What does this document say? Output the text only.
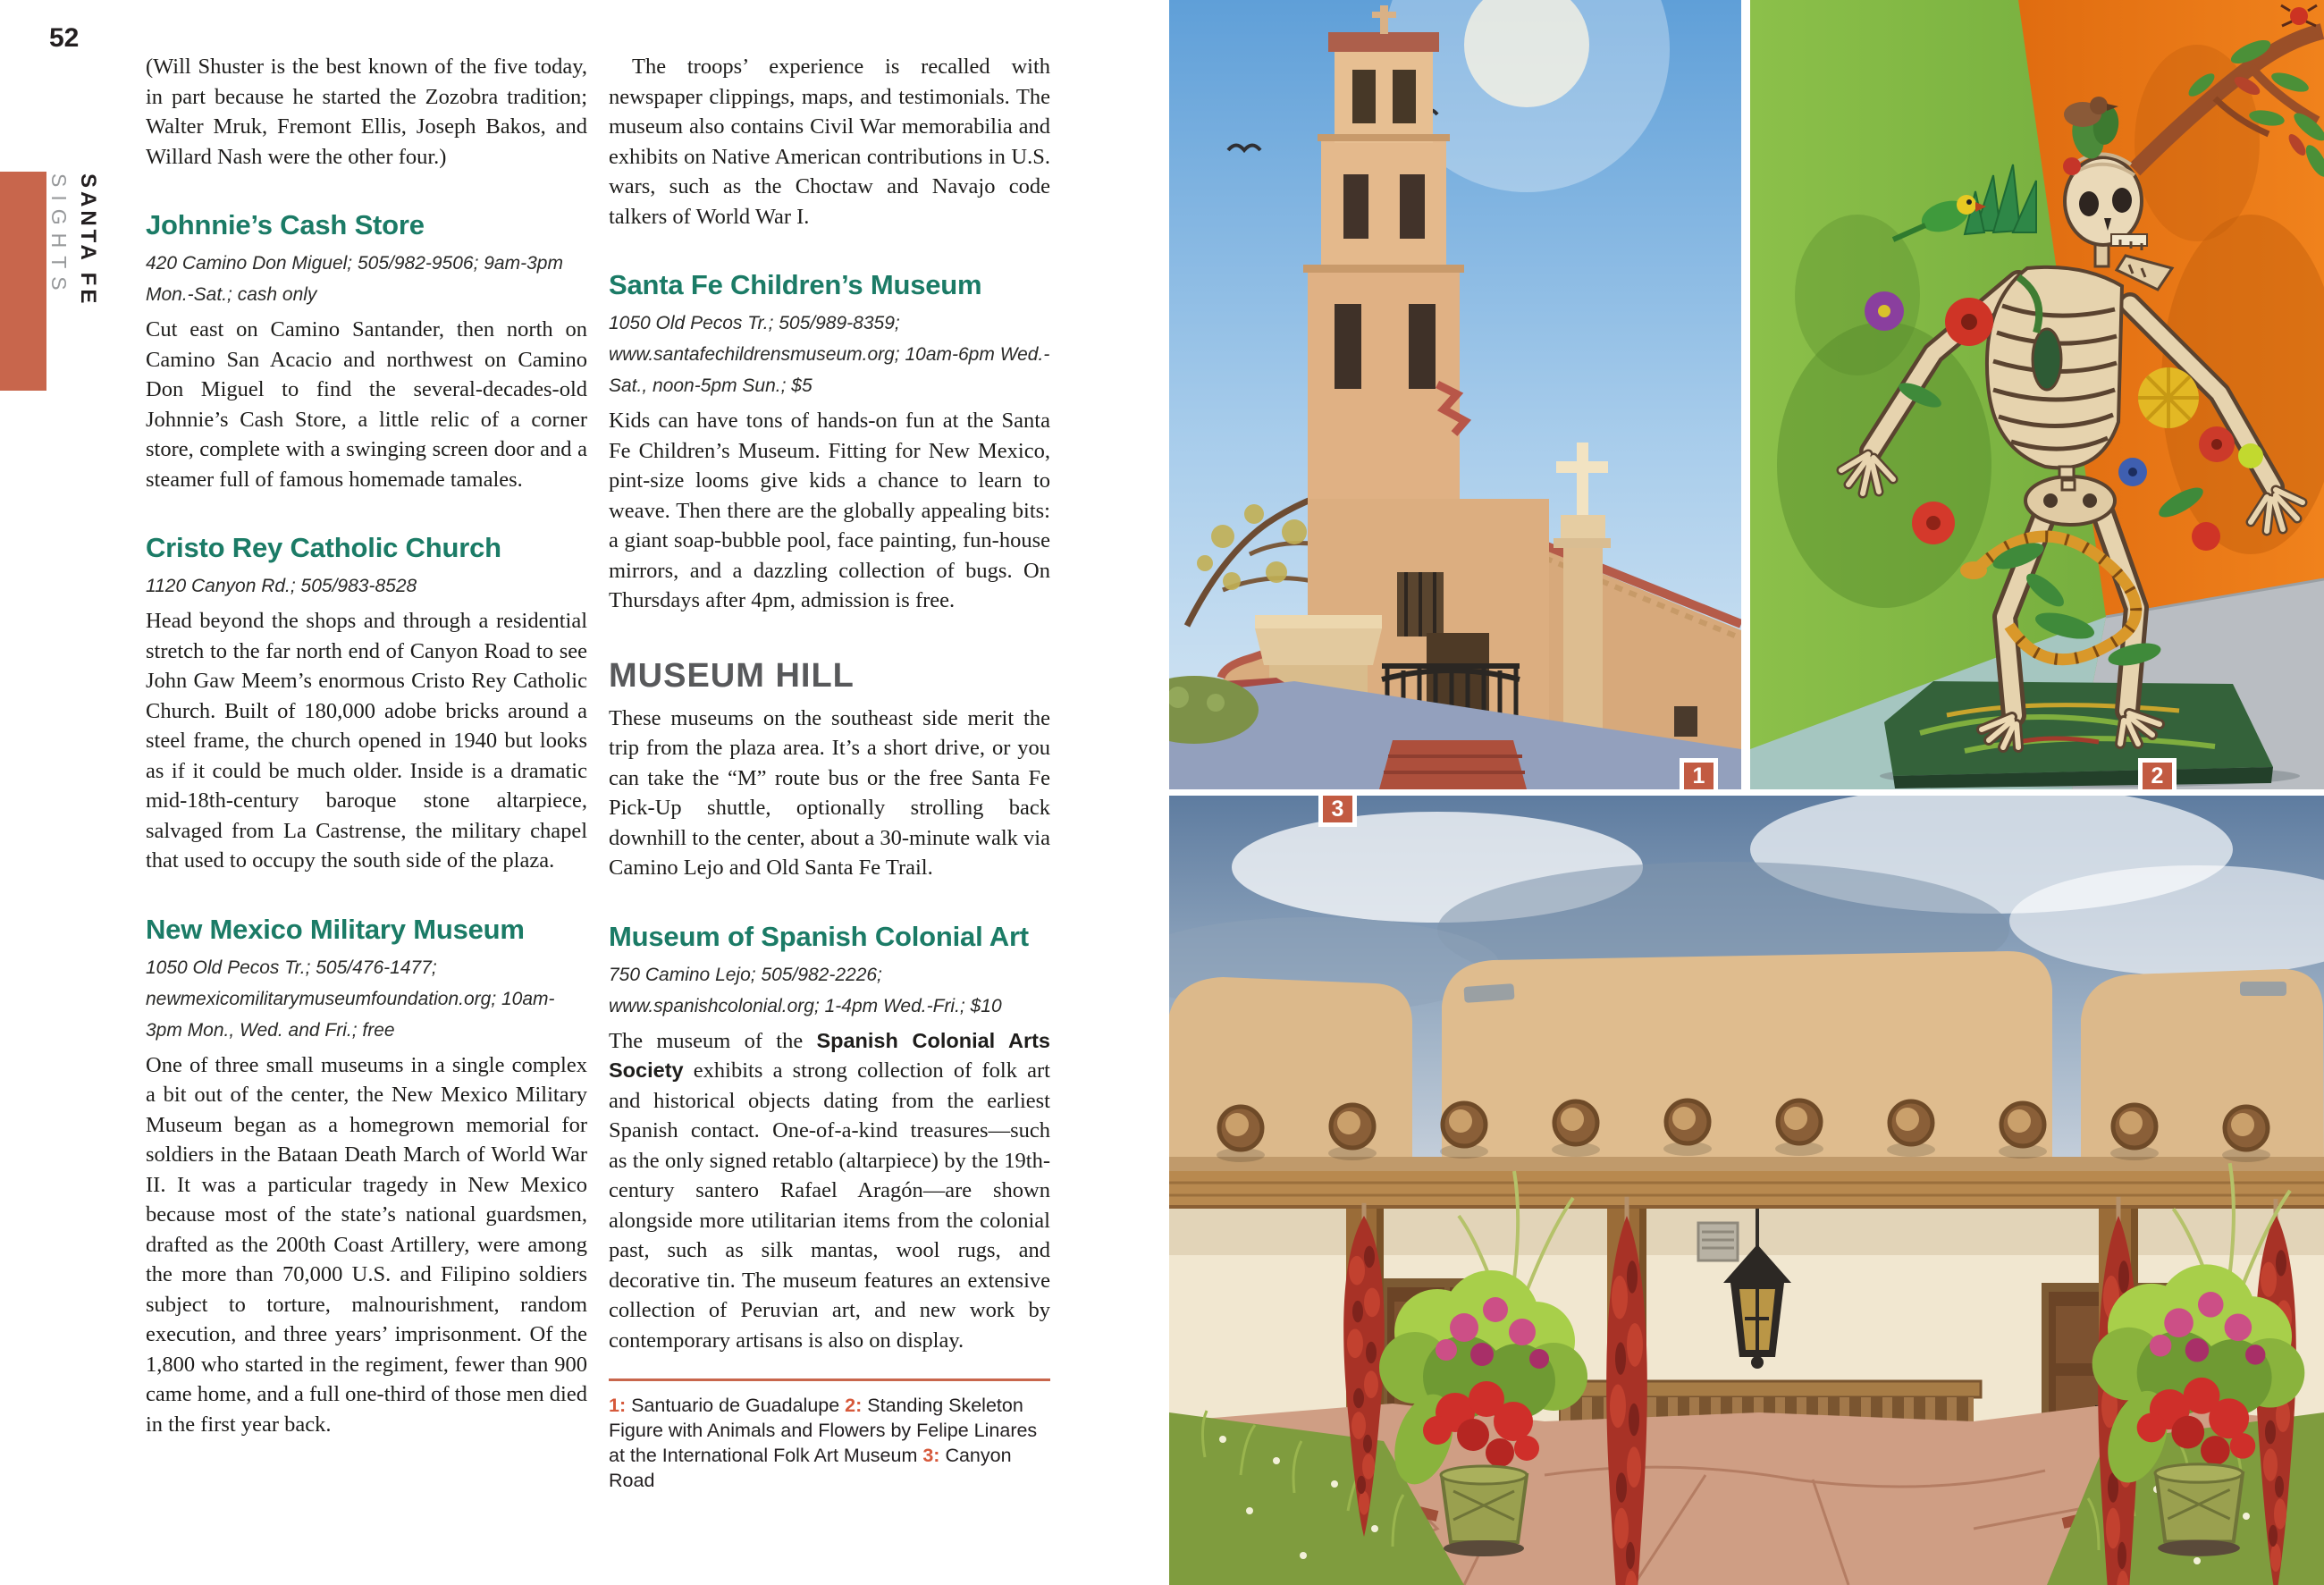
52
SANTA FE
SIGHTS

(Will Shuster is the best known of the five today, in part because he started the Zozobra tradition; Walter Mruk, Fremont Ellis, Joseph Bakos, and Willard Nash were the other four.)

Johnnie’s Cash Store

420 Camino Don Miguel; 505/982-9506; 9am-3pm Mon.-Sat.; cash only

Cut east on Camino Santander, then north on Camino San Acacio and northwest on Camino Don Miguel to find the several-decades-old Johnnie’s Cash Store, a little relic of a corner store, complete with a swinging screen door and a steamer full of famous homemade tamales.

Cristo Rey Catholic Church

1120 Canyon Rd.; 505/983-8528

Head beyond the shops and through a residential stretch to the far north end of Canyon Road to see John Gaw Meem’s enormous Cristo Rey Catholic Church. Built of 180,000 adobe bricks around a steel frame, the church opened in 1940 but looks as if it could be much older. Inside is a dramatic mid-18th-century baroque stone altarpiece, salvaged from La Castrense, the military chapel that used to occupy the south side of the plaza.

New Mexico Military Museum

1050 Old Pecos Tr.; 505/476-1477; newmexicomilitarymuseumfoundation.org; 10am-3pm Mon., Wed. and Fri.; free

One of three small museums in a single complex a bit out of the center, the New Mexico Military Museum began as a homegrown memorial for soldiers in the Bataan Death March of World War II. It was a particular tragedy in New Mexico because most of the state’s national guardsmen, drafted as the 200th Coast Artillery, were among the more than 70,000 U.S. and Filipino soldiers subject to torture, malnourishment, random execution, and three years’ imprisonment. Of the 1,800 who started in the regiment, fewer than 900 came home, and a full one-third of those men died in the first year back.

The troops’ experience is recalled with newspaper clippings, maps, and testimonials. The museum also contains Civil War memorabilia and exhibits on Native American contributions in U.S. wars, such as the Choctaw and Navajo code talkers of World War I.

Santa Fe Children’s Museum

1050 Old Pecos Tr.; 505/989-8359; www.santafechildrensmuseum.org; 10am-6pm Wed.-Sat., noon-5pm Sun.; $5

Kids can have tons of hands-on fun at the Santa Fe Children’s Museum. Fitting for New Mexico, pint-size looms give kids a chance to learn to weave. Then there are the globally appealing bits: a giant soap-bubble pool, face painting, fun-house mirrors, and a dazzling collection of bugs. On Thursdays after 4pm, admission is free.

MUSEUM HILL

These museums on the southeast side merit the trip from the plaza area. It’s a short drive, or you can take the “M” route bus or the free Santa Fe Pick-Up shuttle, optionally strolling back downhill to the center, about a 30-minute walk via Camino Lejo and Old Santa Fe Trail.

Museum of Spanish Colonial Art

750 Camino Lejo; 505/982-2226; www.spanishcolonial.org; 1-4pm Wed.-Fri.; $10

The museum of the Spanish Colonial Arts Society exhibits a strong collection of folk art and historical objects dating from the earliest Spanish contact. One-of-a-kind treasures—such as the only signed retablo (altarpiece) by the 19th-century santero Rafael Aragón—are shown alongside more utilitarian items from the colonial past, such as silk mantas, wool rugs, and decorative tin. The museum features an extensive collection of Peruvian art, and new work by contemporary artisans is also on display.

1: Santuario de Guadalupe 2: Standing Skeleton Figure with Animals and Flowers by Felipe Linares at the International Folk Art Museum 3: Canyon Road

1	2
3
